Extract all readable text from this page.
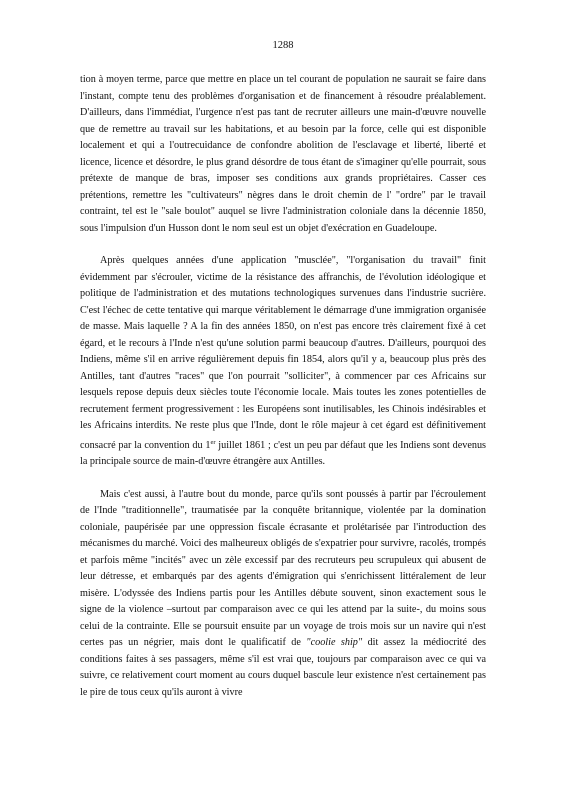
1288

tion à moyen terme, parce que mettre en place un tel courant de population ne saurait se faire dans l'instant, compte tenu des problèmes d'organisation et de financement à résoudre préalablement. D'ailleurs, dans l'immédiat, l'urgence n'est pas tant de recruter ailleurs une main-d'œuvre nouvelle que de remettre au travail sur les habitations, et au besoin par la force, celle qui est disponible localement et qui a l'outrecuidance de confondre abolition de l'esclavage et liberté, liberté et licence, licence et désordre, le plus grand désordre de tous étant de s'imaginer qu'elle pourrait, sous prétexte de manque de bras, imposer ses conditions aux grands propriétaires. Casser ces prétentions, remettre les "cultivateurs" nègres dans le droit chemin de l' "ordre" par le travail contraint, tel est le "sale boulot" auquel se livre l'administration coloniale dans la décennie 1850, sous l'impulsion d'un Husson dont le nom seul est un objet d'exécration en Guadeloupe.

Après quelques années d'une application "musclée", "l'organisation du travail" finit évidemment par s'écrouler, victime de la résistance des affranchis, de l'évolution idéologique et politique de l'administration et des mutations technologiques survenues dans l'industrie sucrière. C'est l'échec de cette tentative qui marque véritablement le démarrage d'une immigration organisée de masse. Mais laquelle ? A la fin des années 1850, on n'est pas encore très clairement fixé à cet égard, et le recours à l'Inde n'est qu'une solution parmi beaucoup d'autres. D'ailleurs, pourquoi des Indiens, même s'il en arrive régulièrement depuis fin 1854, alors qu'il y a, beaucoup plus près des Antilles, tant d'autres "races" que l'on pourrait "solliciter", à commencer par ces Africains sur lesquels repose depuis deux siècles toute l'économie locale. Mais toutes les zones potentielles de recrutement ferment progressivement : les Européens sont inutilisables, les Chinois indésirables et les Africains interdits. Ne reste plus que l'Inde, dont le rôle majeur à cet égard est définitivement consacré par la convention du 1er juillet 1861 ; c'est un peu par défaut que les Indiens sont devenus la principale source de main-d'œuvre étrangère aux Antilles.

Mais c'est aussi, à l'autre bout du monde, parce qu'ils sont poussés à partir par l'écroulement de l'Inde "traditionnelle", traumatisée par la conquête britannique, violentée par la domination coloniale, paupérisée par une oppression fiscale écrasante et prolétarisée par l'introduction des mécanismes du marché. Voici des malheureux obligés de s'expatrier pour survivre, racolés, trompés et parfois même "incités" avec un zèle excessif par des recruteurs peu scrupuleux qui abusent de leur détresse, et embarqués par des agents d'émigration qui s'enrichissent littéralement de leur misère. L'odyssée des Indiens partis pour les Antilles débute souvent, sinon exactement sous le signe de la violence –surtout par comparaison avec ce qui les attend par la suite-, du moins sous celui de la contrainte. Elle se poursuit ensuite par un voyage de trois mois sur un navire qui n'est certes pas un négrier, mais dont le qualificatif de "coolie ship" dit assez la médiocrité des conditions faites à ses passagers, même s'il est vrai que, toujours par comparaison avec ce qui va suivre, ce relativement court moment au cours duquel bascule leur existence n'est certainement pas le pire de tous ceux qu'ils auront à vivre
